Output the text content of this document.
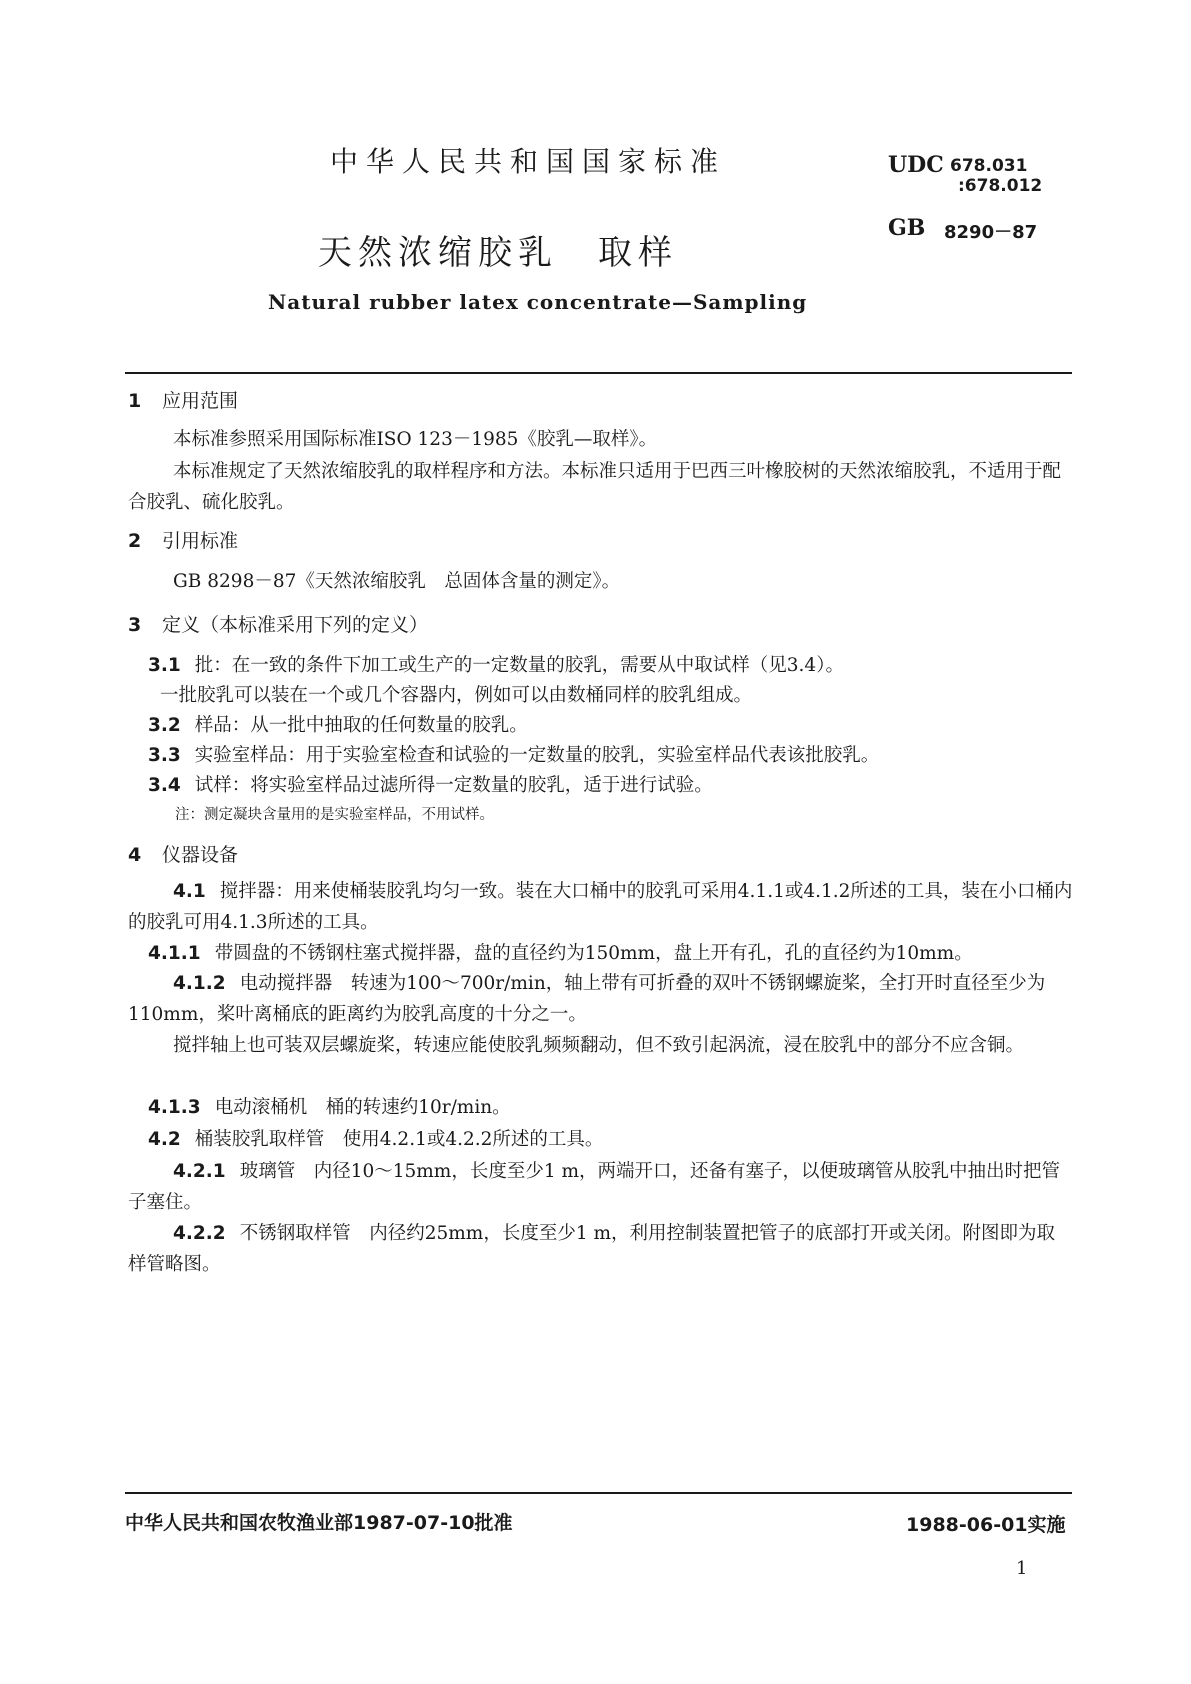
中华人民共和国国家标准	UDC 678.031
:678.012
GB 8290－87
天然浓缩胶乳　取样
Natural rubber latex concentrate—Sampling
1 应用范围
本标准参照采用国际标准ISO 123－1985《胶乳—取样》。
本标准规定了天然浓缩胶乳的取样程序和方法。本标准只适用于巴西三叶橡胶树的天然浓缩胶乳，不适用于配合胶乳、硫化胶乳。
2 引用标准
GB 8298－87《天然浓缩胶乳　总固体含量的测定》。
3 定义（本标准采用下列的定义）
3.1 批：在一致的条件下加工或生产的一定数量的胶乳，需要从中取试样（见3.4）。
一批胶乳可以装在一个或几个容器内，例如可以由数桶同样的胶乳组成。
3.2 样品：从一批中抽取的任何数量的胶乳。
3.3 实验室样品：用于实验室检查和试验的一定数量的胶乳，实验室样品代表该批胶乳。
3.4 试样：将实验室样品过滤所得一定数量的胶乳，适于进行试验。
注：测定凝块含量用的是实验室样品，不用试样。
4 仪器设备
4.1 搅拌器：用来使桶装胶乳均匀一致。装在大口桶中的胶乳可采用4.1.1或4.1.2所述的工具，装在小口桶内的胶乳可用4.1.3所述的工具。
4.1.1 带圆盘的不锈钢柱塞式搅拌器，盘的直径约为150mm，盘上开有孔，孔的直径约为10mm。
4.1.2 电动搅拌器　转速为100～700r/min，轴上带有可折叠的双叶不锈钢螺旋桨，全打开时直径至少为110mm，桨叶离桶底的距离约为胶乳高度的十分之一。
搅拌轴上也可装双层螺旋桨，转速应能使胶乳频频翻动，但不致引起涡流，浸在胶乳中的部分不应含铜。
4.1.3 电动滚桶机　桶的转速约10r/min。
4.2 桶装胶乳取样管　使用4.2.1或4.2.2所述的工具。
4.2.1 玻璃管　内径10～15mm，长度至少1 m，两端开口，还备有塞子，以便玻璃管从胶乳中抽出时把管子塞住。
4.2.2 不锈钢取样管　内径约25mm，长度至少1 m，利用控制装置把管子的底部打开或关闭。附图即为取样管略图。
中华人民共和国农牧渔业部1987-07-10批准	1988-06-01实施
1
